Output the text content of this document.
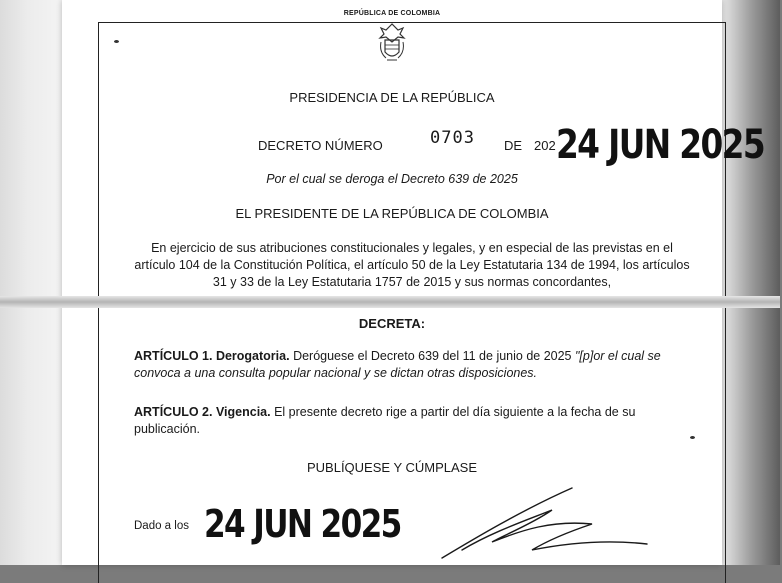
REPÚBLICA DE COLOMBIA
PRESIDENCIA DE LA REPÚBLICA
DECRETO NÚMERO	0703 DE 202 24 JUN 2025
Por el cual se deroga el Decreto 639 de 2025
EL PRESIDENTE DE LA REPÚBLICA DE COLOMBIA
En ejercicio de sus atribuciones constitucionales y legales, y en especial de las previstas en el artículo 104 de la Constitución Política, el artículo 50 de la Ley Estatutaria 134 de 1994, los artículos 31 y 33 de la Ley Estatutaria 1757 de 2015 y sus normas concordantes,
DECRETA:
ARTÍCULO 1. Derogatoria. Deróguese el Decreto 639 del 11 de junio de 2025 "[p]or el cual se convoca a una consulta popular nacional y se dictan otras disposiciones.
ARTÍCULO 2. Vigencia. El presente decreto rige a partir del día siguiente a la fecha de su publicación.
PUBLÍQUESE Y CÚMPLASE
Dado a los 24 JUN 2025
